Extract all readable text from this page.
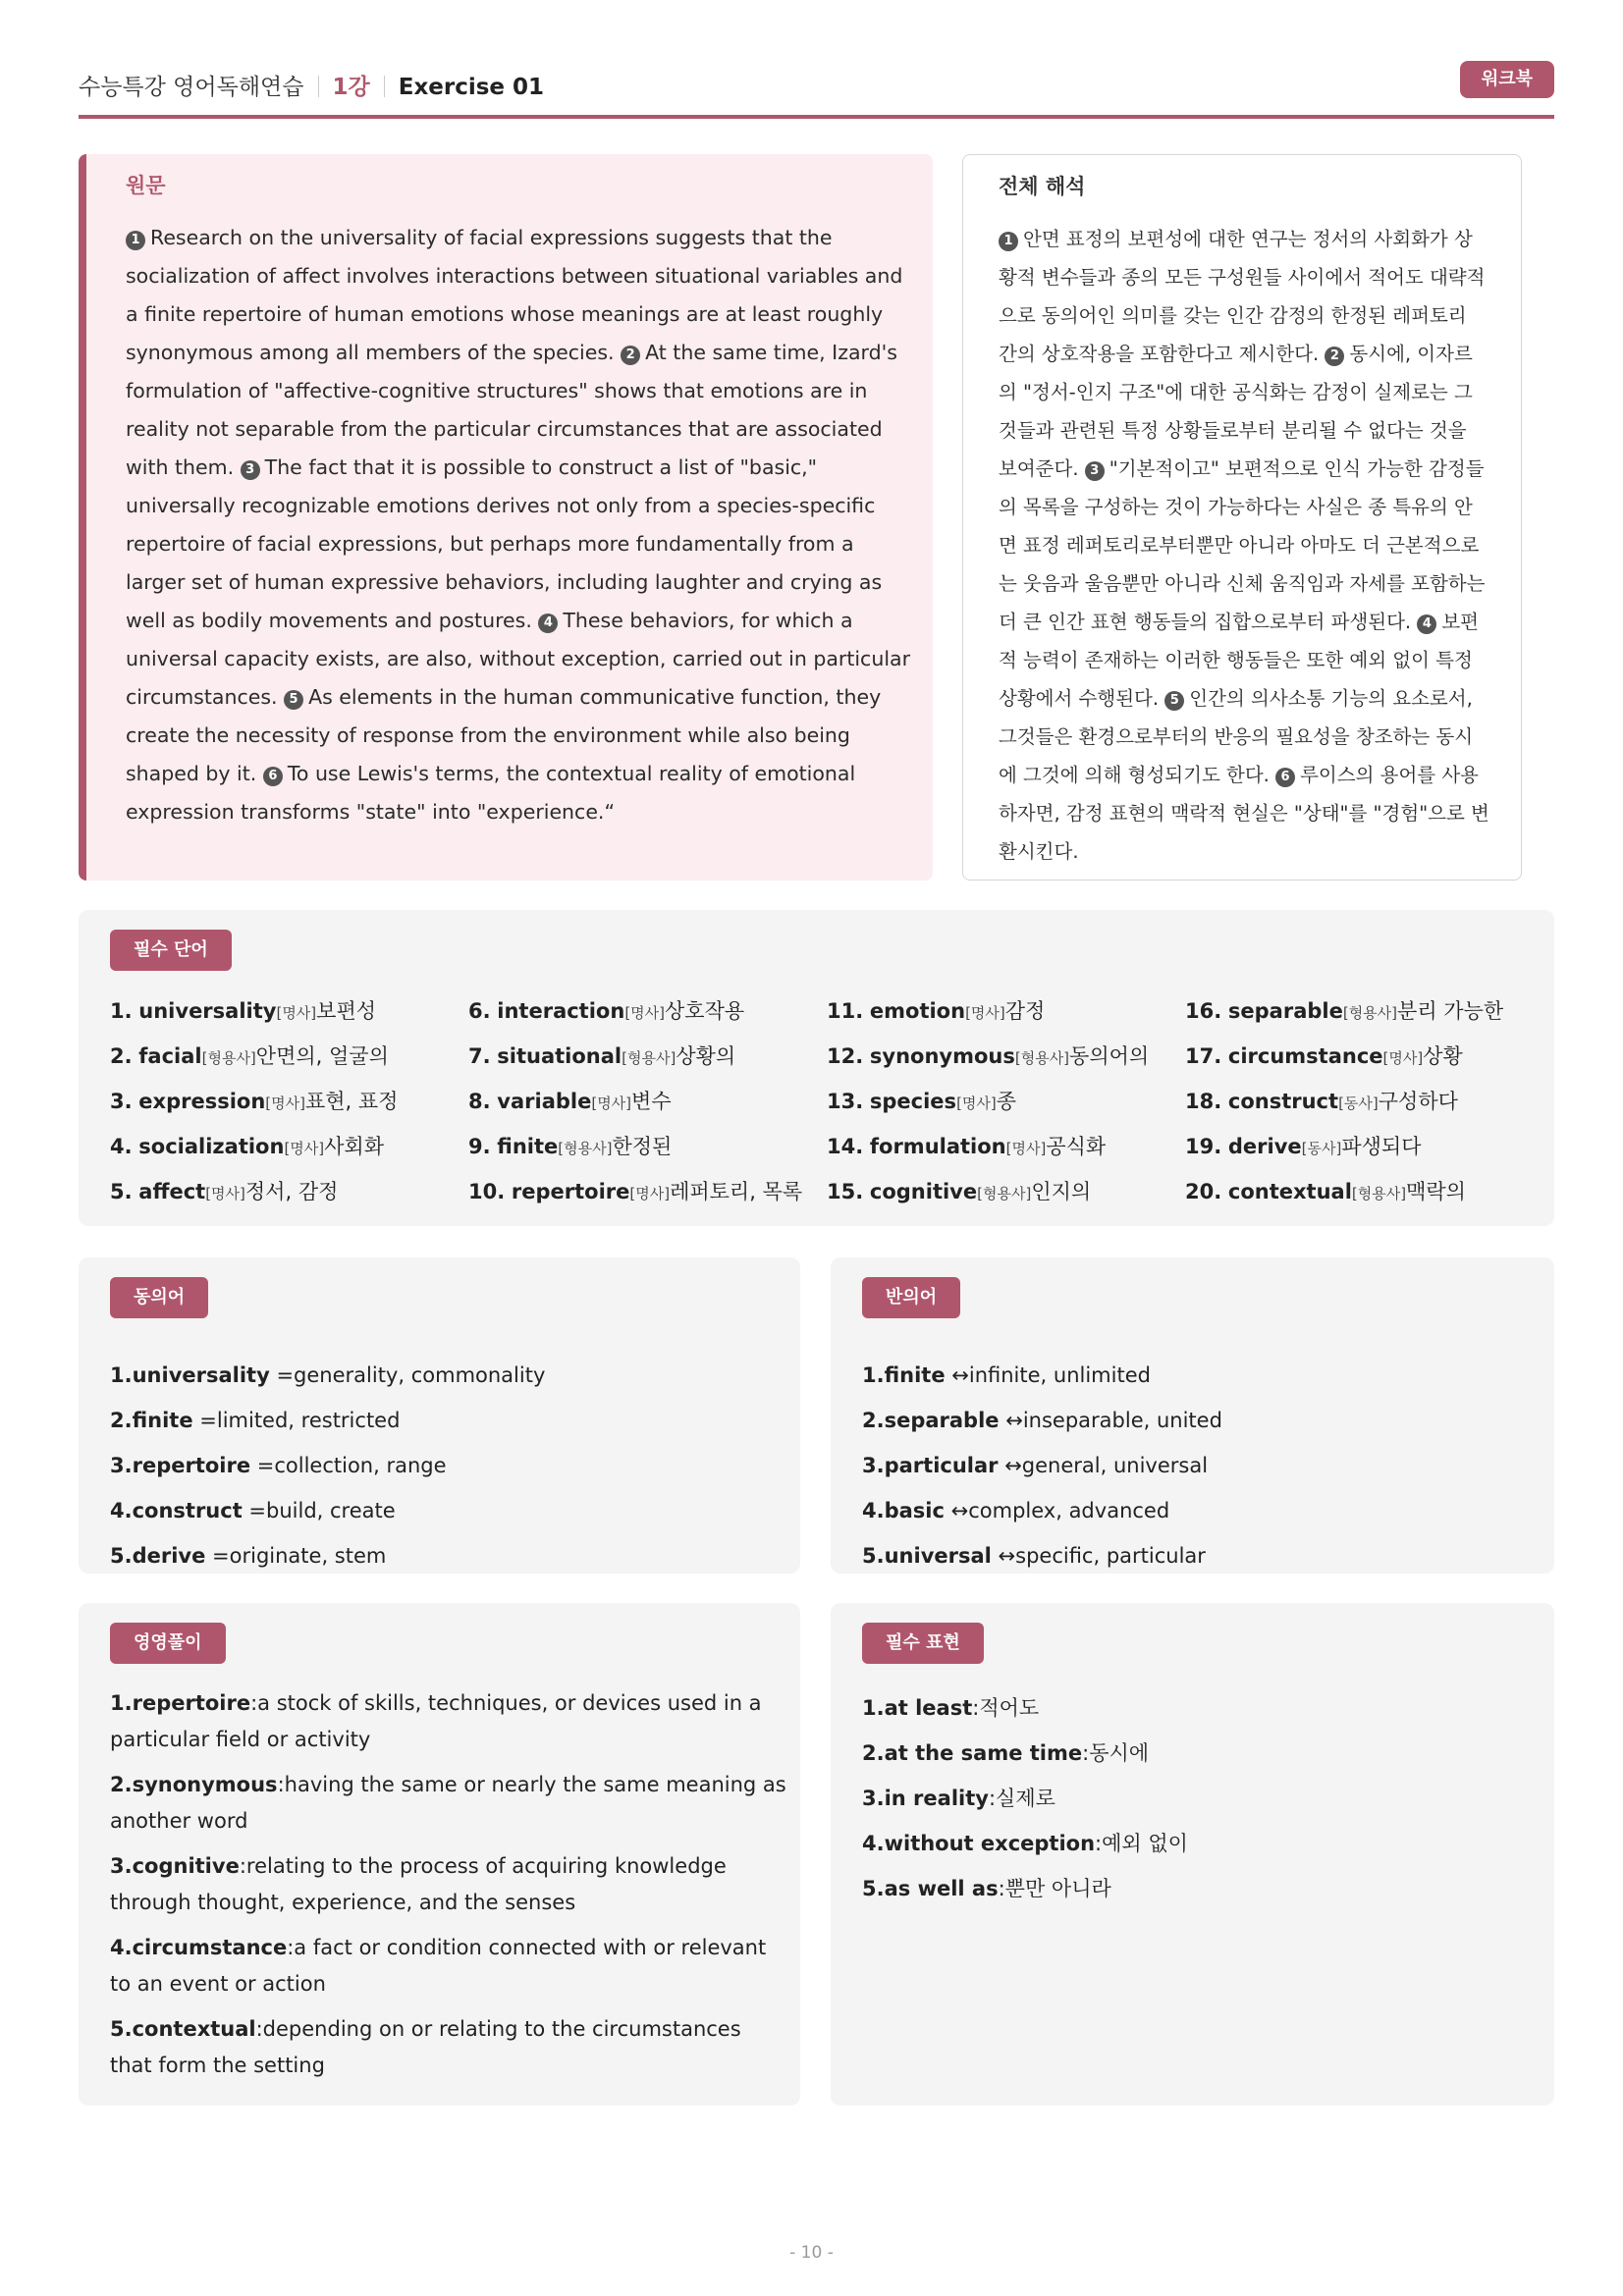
수능특강 영어독해연습 1강 Exercise 01	워크북
원문

1 Research on the universality of facial expressions suggests that the socialization of affect involves interactions between situational variables and a finite repertoire of human emotions whose meanings are at least roughly synonymous among all members of the species. 2 At the same time, Izard's formulation of "affective-cognitive structures" shows that emotions are in reality not separable from the particular circumstances that are associated with them. 3 The fact that it is possible to construct a list of "basic," universally recognizable emotions derives not only from a species-specific repertoire of facial expressions, but perhaps more fundamentally from a larger set of human expressive behaviors, including laughter and crying as well as bodily movements and postures. 4 These behaviors, for which a universal capacity exists, are also, without exception, carried out in particular circumstances. 5 As elements in the human communicative function, they create the necessity of response from the environment while also being shaped by it. 6 To use Lewis's terms, the contextual reality of emotional expression transforms "state" into "experience.“

전체 해석

1 안면 표정의 보편성에 대한 연구는 정서의 사회화가 상황적 변수들과 종의 모든 구성원들 사이에서 적어도 대략적으로 동의어인 의미를 갖는 인간 감정의 한정된 레퍼토리 간의 상호작용을 포함한다고 제시한다. 2 동시에, 이자르의 "정서-인지 구조"에 대한 공식화는 감정이 실제로는 그것들과 관련된 특정 상황들로부터 분리될 수 없다는 것을 보여준다. 3 "기본적이고" 보편적으로 인식 가능한 감정들의 목록을 구성하는 것이 가능하다는 사실은 종 특유의 안면 표정 레퍼토리로부터뿐만 아니라 아마도 더 근본적으로는 웃음과 울음뿐만 아니라 신체 움직임과 자세를 포함하는 더 큰 인간 표현 행동들의 집합으로부터 파생된다. 4 보편적 능력이 존재하는 이러한 행동들은 또한 예외 없이 특정 상황에서 수행된다. 5 인간의 의사소통 기능의 요소로서, 그것들은 환경으로부터의 반응의 필요성을 창조하는 동시에 그것에 의해 형성되기도 한다. 6 루이스의 용어를 사용하자면, 감정 표현의 맥락적 현실은 "상태"를 "경험"으로 변환시킨다.

필수 단어
1. universality[명사]보편성
2. facial[형용사]안면의, 얼굴의
3. expression[명사]표현, 표정
4. socialization[명사]사회화
5. affect[명사]정서, 감정
6. interaction[명사]상호작용
7. situational[형용사]상황의
8. variable[명사]변수
9. finite[형용사]한정된
10. repertoire[명사]레퍼토리, 목록
11. emotion[명사]감정
12. synonymous[형용사]동의어의
13. species[명사]종
14. formulation[명사]공식화
15. cognitive[형용사]인지의
16. separable[형용사]분리 가능한
17. circumstance[명사]상황
18. construct[동사]구성하다
19. derive[동사]파생되다
20. contextual[형용사]맥락의
동의어
1.universality =generality, commonality
2.finite =limited, restricted
3.repertoire =collection, range
4.construct =build, create
5.derive =originate, stem
반의어
1.finite ↔infinite, unlimited
2.separable ↔inseparable, united
3.particular ↔general, universal
4.basic ↔complex, advanced
5.universal ↔specific, particular
영영풀이
1.repertoire:a stock of skills, techniques, or devices used in a particular field or activity
2.synonymous:having the same or nearly the same meaning as another word
3.cognitive:relating to the process of acquiring knowledge through thought, experience, and the senses
4.circumstance:a fact or condition connected with or relevant to an event or action
5.contextual:depending on or relating to the circumstances that form the setting
필수 표현
1.at least:적어도
2.at the same time:동시에
3.in reality:실제로
4.without exception:예외 없이
5.as well as:뿐만 아니라
- 10 -
